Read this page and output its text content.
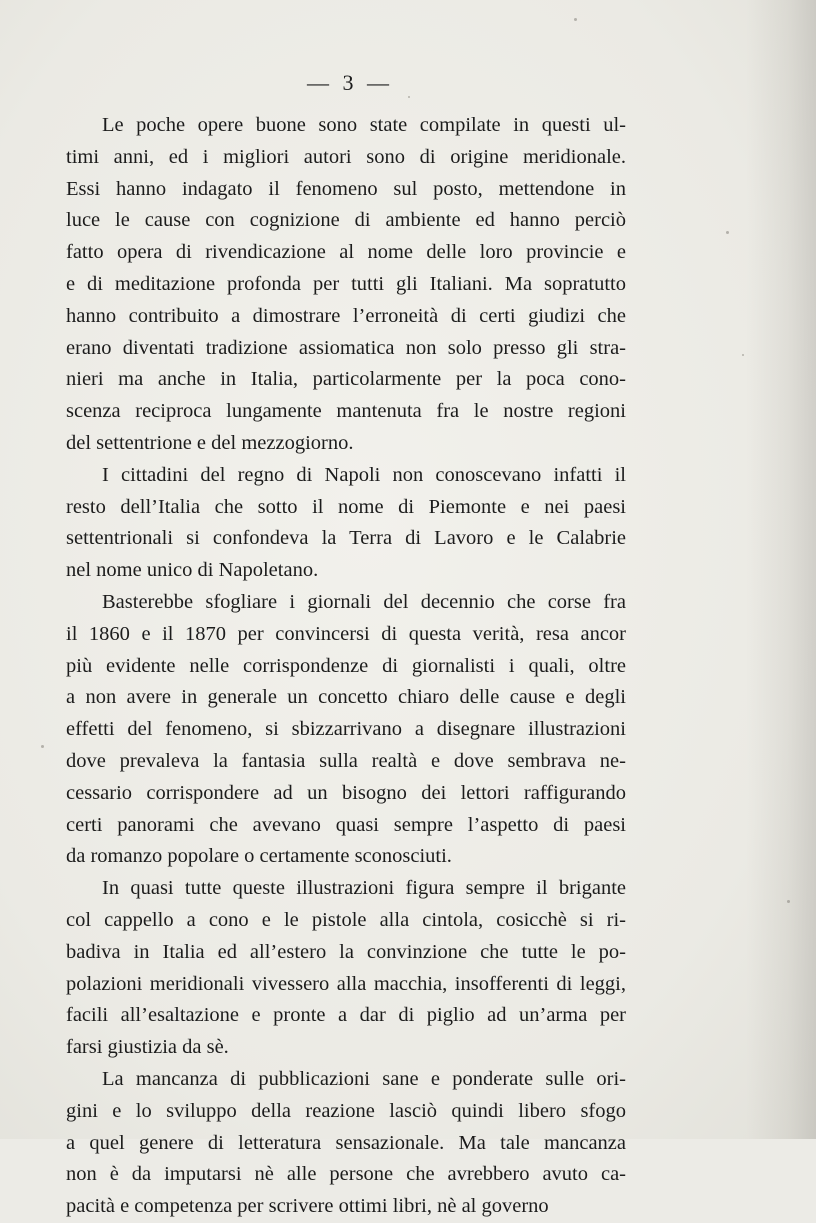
— 3 —
Le poche opere buone sono state compilate in questi ul-
timi anni, ed i migliori autori sono di origine meridionale.
Essi hanno indagato il fenomeno sul posto, mettendone in
luce le cause con cognizione di ambiente ed hanno perciò
fatto opera di rivendicazione al nome delle loro provincie e
e di meditazione profonda per tutti gli Italiani. Ma sopratutto
hanno contribuito a dimostrare l’erroneità di certi giudizi che
erano diventati tradizione assiomatica non solo presso gli stra-
nieri ma anche in Italia, particolarmente per la poca cono-
scenza reciproca lungamente mantenuta fra le nostre regioni
del settentrione e del mezzogiorno.
I cittadini del regno di Napoli non conoscevano infatti il
resto dell’Italia che sotto il nome di Piemonte e nei paesi
settentrionali si confondeva la Terra di Lavoro e le Calabrie
nel nome unico di Napoletano.
Basterebbe sfogliare i giornali del decennio che corse fra
il 1860 e il 1870 per convincersi di questa verità, resa ancor
più evidente nelle corrispondenze di giornalisti i quali, oltre
a non avere in generale un concetto chiaro delle cause e degli
effetti del fenomeno, si sbizzarrivano a disegnare illustrazioni
dove prevaleva la fantasia sulla realtà e dove sembrava ne-
cessario corrispondere ad un bisogno dei lettori raffigurando
certi panorami che avevano quasi sempre l’aspetto di paesi
da romanzo popolare o certamente sconosciuti.
In quasi tutte queste illustrazioni figura sempre il brigante
col cappello a cono e le pistole alla cintola, cosicchè si ri-
badiva in Italia ed all’estero la convinzione che tutte le po-
polazioni meridionali vivessero alla macchia, insofferenti di leggi,
facili all’esaltazione e pronte a dar di piglio ad un’arma per
farsi giustizia da sè.
La mancanza di pubblicazioni sane e ponderate sulle ori-
gini e lo sviluppo della reazione lasciò quindi libero sfogo
a quel genere di letteratura sensazionale. Ma tale mancanza
non è da imputarsi nè alle persone che avrebbero avuto ca-
pacità e competenza per scrivere ottimi libri, nè al governo
